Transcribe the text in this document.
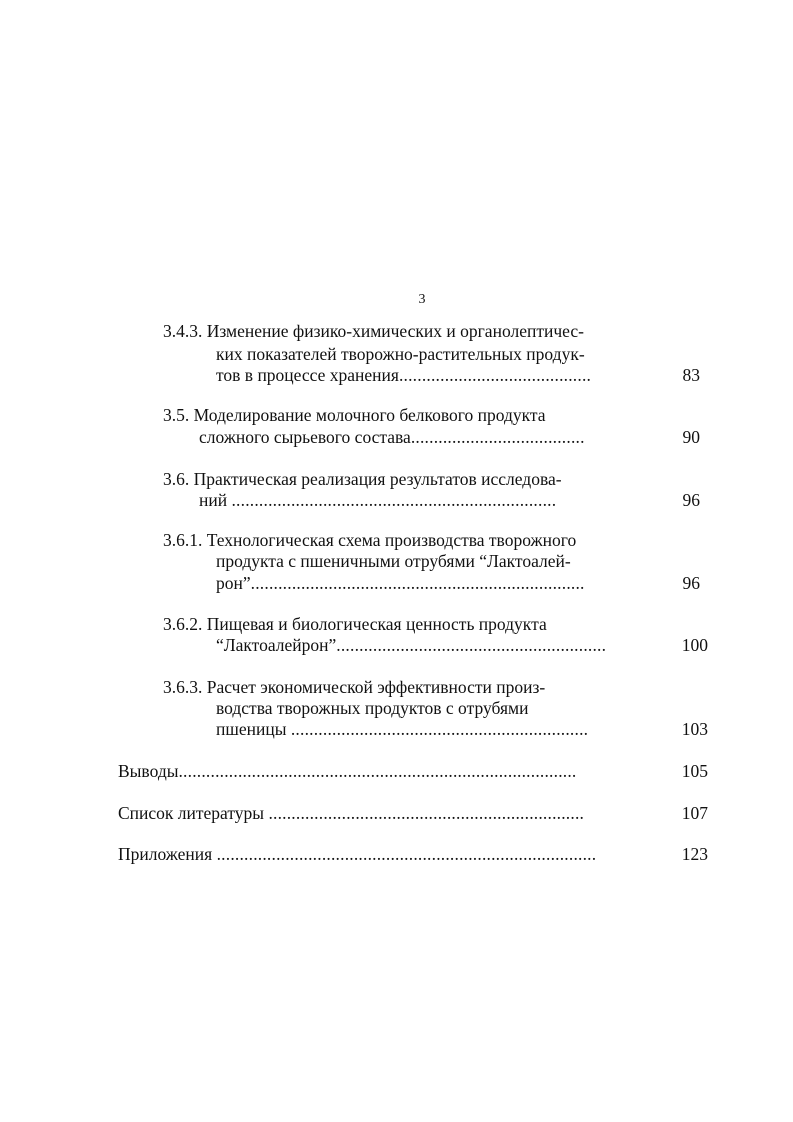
3
3.4.3. Изменение физико-химических и органолептичес-
ких показателей творожно-растительных продук-
тов в процессе хранения..........................................	83
3.5. Моделирование молочного белкового продукта
сложного сырьевого состава......................................	90
3.6. Практическая реализация результатов исследова-
ний .......................................................................	96
3.6.1. Технологическая схема производства творожного
продукта с пшеничными отрубями “Лактоалей-
рон”.........................................................................	96
3.6.2. Пищевая и биологическая ценность продукта
“Лактоалейрон”...........................................................	100
3.6.3. Расчет экономической эффективности произ-
водства творожных продуктов с отрубями
пшеницы .................................................................	103
Выводы.......................................................................................	105
Список литературы .....................................................................	107
Приложения ...................................................................................	123
